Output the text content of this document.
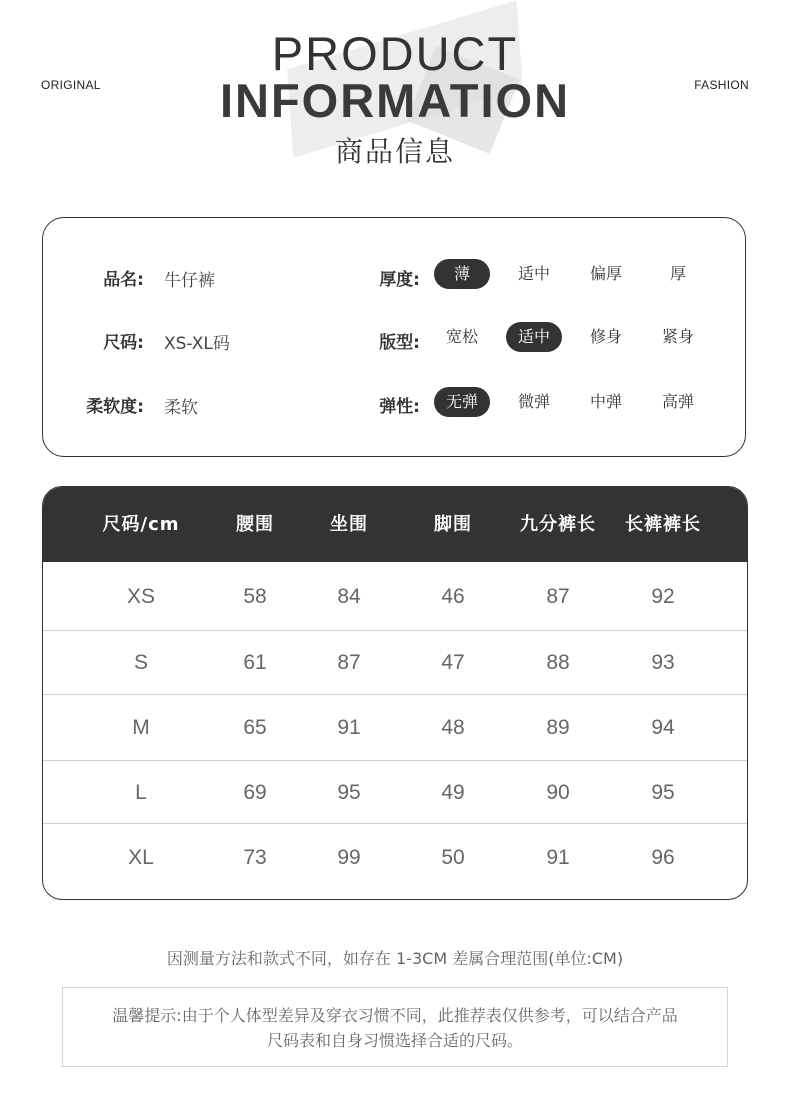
ORIGINAL	FASHION
PRODUCT
INFORMATION
商品信息
品名: 牛仔裤
尺码: XS-XL码
柔软度: 柔软
厚度:
版型:
弹性:
薄	适中	偏厚	厚
宽松	适中	修身	紧身
无弹	微弹	中弹	高弹
尺码/cm	腰围	坐围	脚围	九分裤长	长裤裤长
XS	58	84	46	87	92
S	61	87	47	88	93
M	65	91	48	89	94
L	69	95	49	90	95
XL	73	99	50	91	96
因测量方法和款式不同，如存在 1-3CM 差属合理范围(单位:CM)
温馨提示:由于个人体型差异及穿衣习惯不同，此推荐表仅供参考，可以结合产品
尺码表和自身习惯选择合适的尺码。
